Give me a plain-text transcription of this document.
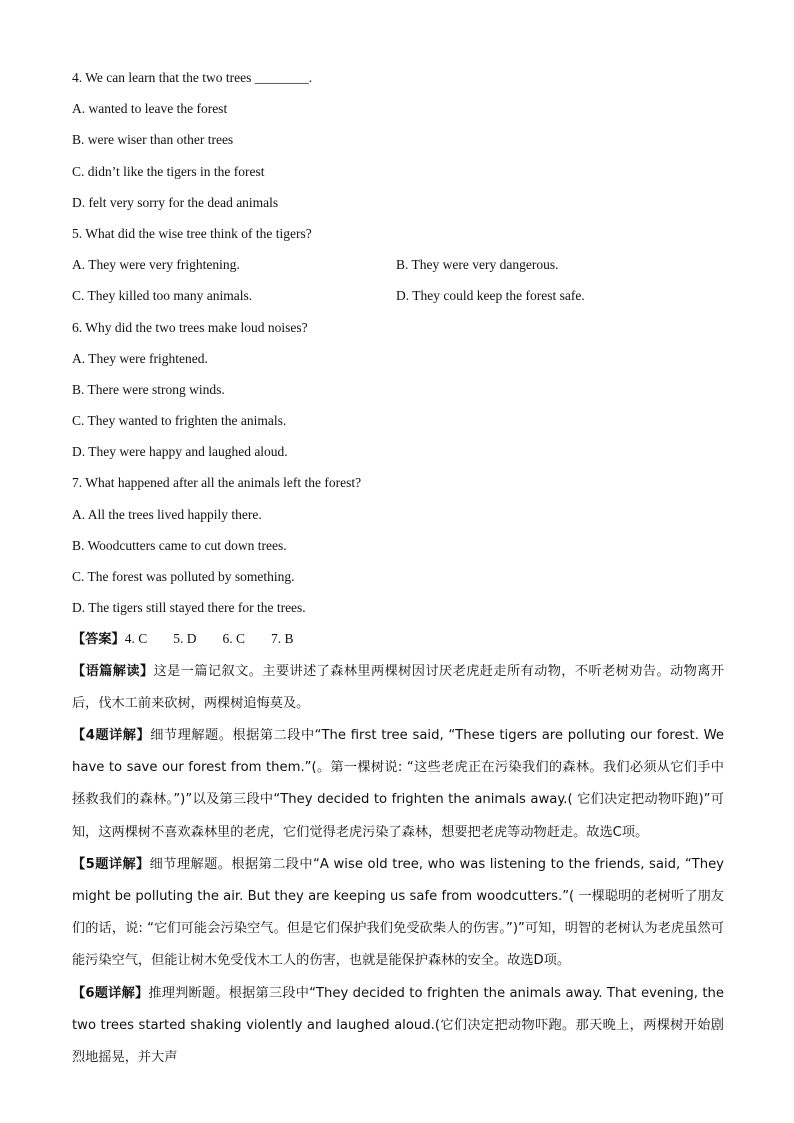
4. We can learn that the two trees ________.
A. wanted to leave the forest
B. were wiser than other trees
C. didn’t like the tigers in the forest
D. felt very sorry for the dead animals
5. What did the wise tree think of the tigers?
A. They were very frightening.	B. They were very dangerous.
C. They killed too many animals.	D. They could keep the forest safe.
6. Why did the two trees make loud noises?
A. They were frightened.
B. There were strong winds.
C. They wanted to frighten the animals.
D. They were happy and laughed aloud.
7. What happened after all the animals left the forest?
A. All the trees lived happily there.
B. Woodcutters came to cut down trees.
C. The forest was polluted by something.
D. The tigers still stayed there for the trees.
【答案】4. C 5. D 6. C 7. B
【语篇解读】这是一篇记叙文。主要讲述了森林里两棵树因讨厌老虎赶走所有动物，不听老树劝告。动物离开后，伐木工前来砍树，两棵树追悔莫及。
【4题详解】细节理解题。根据第二段中“The first tree said, “These tigers are polluting our forest. We have to save our forest from them.”(。第一棵树说: “这些老虎正在污染我们的森林。我们必须从它们手中拯救我们的森林。”)”以及第三段中“They decided to frighten the animals away.( 它们决定把动物吓跑)”可知，这两棵树不喜欢森林里的老虎，它们觉得老虎污染了森林，想要把老虎等动物赶走。故选C项。
【5题详解】细节理解题。根据第二段中“A wise old tree, who was listening to the friends, said, “They might be polluting the air. But they are keeping us safe from woodcutters.”( 一棵聪明的老树听了朋友们的话，说: “它们可能会污染空气。但是它们保护我们免受砍柴人的伤害。”)”可知，明智的老树认为老虎虽然可能污染空气，但能让树木免受伐木工人的伤害，也就是能保护森林的安全。故选D项。
【6题详解】推理判断题。根据第三段中“They decided to frighten the animals away. That evening, the two trees started shaking violently and laughed aloud.(它们决定把动物吓跑。那天晚上，两棵树开始剧烈地摇晃，并大声
